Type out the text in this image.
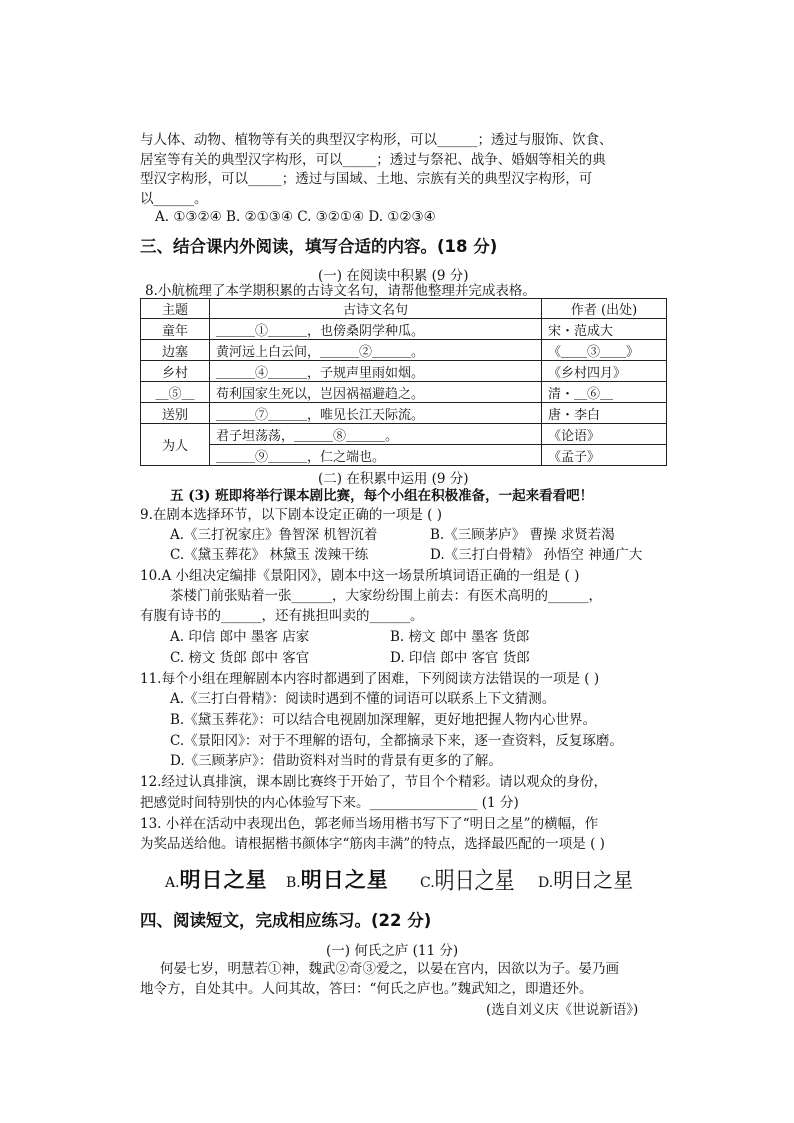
与人体、动物、植物等有关的典型汉字构形，可以______；透过与服饰、饮食、
居室等有关的典型汉字构形，可以_____；透过与祭祀、战争、婚姻等相关的典
型汉字构形，可以_____；透过与国域、土地、宗族有关的典型汉字构形，可
以______。
A. ①③②④ B. ②①③④ C. ③②①④ D. ①②③④
三、结合课内外阅读，填写合适的内容。(18 分)
(一) 在阅读中积累 (9 分)
8.小航梳理了本学期积累的古诗文名句，请帮他整理并完成表格。
主题	古诗文名句	作者 (出处)
童年	＿＿＿①＿＿＿，也傍桑阴学种瓜。	宋・范成大
边塞	黄河远上白云间，＿＿＿②＿＿＿。	《＿＿③＿＿》
乡村	＿＿＿④＿＿＿，子规声里雨如烟。	《乡村四月》
＿⑤＿	苟利国家生死以，岂因祸福避趋之。	清・＿⑥＿
送别	＿＿＿⑦＿＿＿，唯见长江天际流。	唐・李白
为人	君子坦荡荡，＿＿＿⑧＿＿＿。	《论语》
	＿＿＿⑨＿＿＿，仁之端也。	《孟子》
(二) 在积累中运用 (9 分)
五 (3) 班即将举行课本剧比赛，每个小组在积极准备，一起来看看吧！
9.在剧本选择环节，以下剧本设定正确的一项是 ( )
A.《三打祝家庄》鲁智深 机智沉着	B.《三顾茅庐》 曹操 求贤若渴
C.《黛玉葬花》 林黛玉 泼辣干练	D.《三打白骨精》 孙悟空 神通广大
10.A 小组决定编排《景阳冈》，剧本中这一场景所填词语正确的一组是 ( )
茶楼门前张贴着一张______，大家纷纷围上前去：有医术高明的______，
有腹有诗书的______，还有挑担叫卖的______。
A. 印信 郎中 墨客 店家	B. 榜文 郎中 墨客 货郎
C. 榜文 货郎 郎中 客官	D. 印信 郎中 客官 货郎
11.每个小组在理解剧本内容时都遇到了困难，下列阅读方法错误的一项是 ( )
A.《三打白骨精》：阅读时遇到不懂的词语可以联系上下文猜测。
B.《黛玉葬花》：可以结合电视剧加深理解，更好地把握人物内心世界。
C.《景阳冈》：对于不理解的语句，全都摘录下来，逐一查资料，反复琢磨。
D.《三顾茅庐》：借助资料对当时的背景有更多的了解。
12.经过认真排演，课本剧比赛终于开始了，节目个个精彩。请以观众的身份，
把感觉时间特别快的内心体验写下来。________________ (1 分)
13. 小祥在活动中表现出色，郭老师当场用楷书写下了“明日之星”的横幅，作
为奖品送给他。请根据楷书颜体字“筋肉丰满”的特点，选择最匹配的一项是 ( )
A.明日之星 B.明日之星 C.明日之星 D.明日之星
四、阅读短文，完成相应练习。(22 分)
(一) 何氏之庐 (11 分)
何晏七岁，明慧若①神，魏武②奇③爱之，以晏在宫内，因欲以为子。晏乃画
地令方，自处其中。人问其故，答曰：“何氏之庐也。”魏武知之，即遣还外。
(选自刘义庆《世说新语》)
